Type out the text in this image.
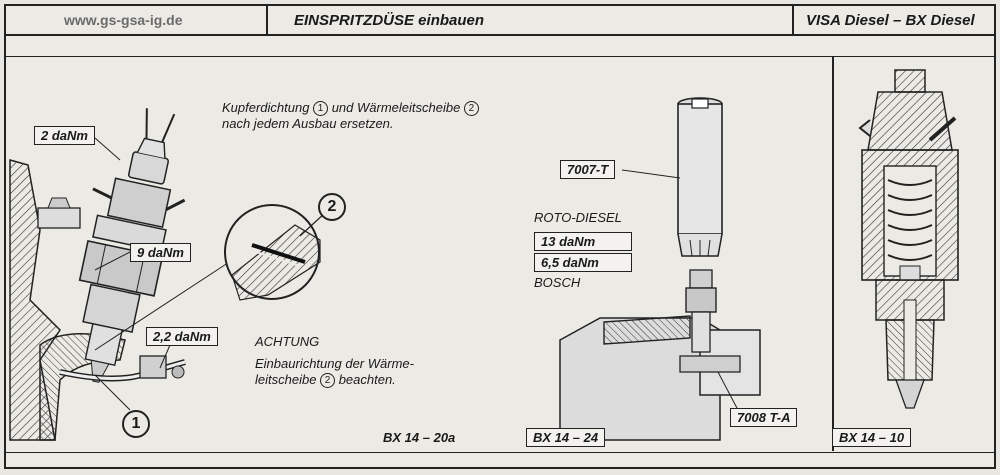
www.gs-gsa-ig.de	EINSPRITZDÜSE einbauen	VISA Diesel – BX Diesel
Kupferdichtung 1 und Wärmeleitscheibe 2
nach jedem Ausbau ersetzen.
2 daNm
9 daNm
2,2 daNm
1
2
ACHTUNG
Einbaurichtung der Wärme-
leitscheibe 2 beachten.
BX 14 – 20a
7007-T
ROTO-DIESEL
13 daNm
6,5 daNm
BOSCH
7008 T-A
BX 14 – 24	BX 14 – 10
